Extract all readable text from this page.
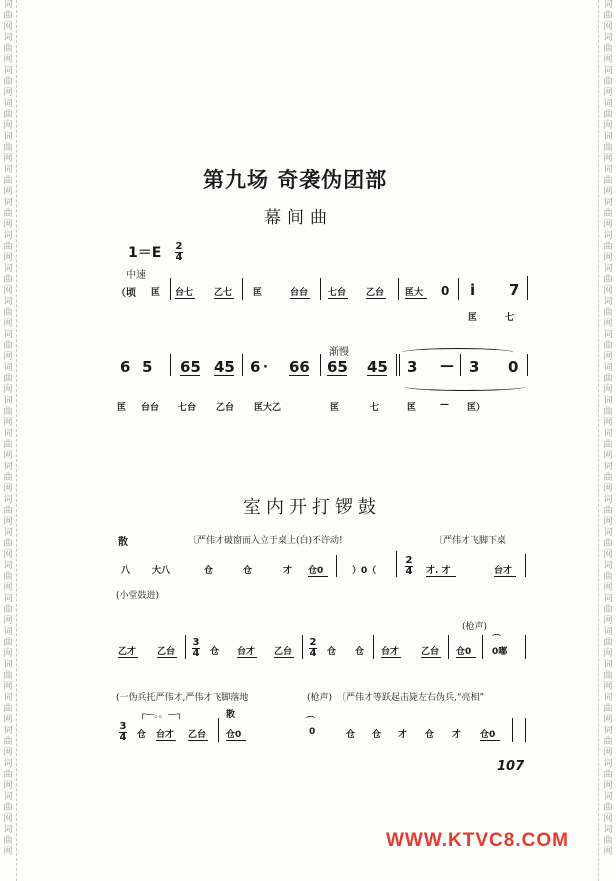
词曲网词曲网词曲网词曲网词曲网词曲网词曲网词曲网词曲网词曲网词曲网词曲网词曲网词曲网词曲网词曲网词曲网词曲网词曲网词曲网词曲网词曲网词曲网词曲网词曲网词曲网
词曲网词曲网词曲网词曲网词曲网词曲网词曲网词曲网词曲网词曲网词曲网词曲网词曲网词曲网词曲网词曲网词曲网词曲网词曲网词曲网词曲网词曲网词曲网词曲网词曲网词曲网
第九场 奇袭伪团部
幕间曲
1＝E 2
4
中速
（顷 匡 台七 乙七 匡	台台 七台 乙台 匡大 0 i 7
匡	七
渐慢
6 5 65 45 6 · 66 65 45 3 — 3 0
匡 台台 七台 乙台 匡大乙	匡	七	匡	— 匡）
室内开打锣鼓
散	〔严伟才破窗而入立于桌上(白)不许动!	〔严伟才飞脚下桌
八 大八	仓	仓	才 仓0	）0（
2
4 才. 才	台才
(小堂鼓进)
(枪声)
乙才 乙台
3
4 仓 台才 乙台
2
4 仓 仓 台才 乙台 仓0
⌒
0嘟
(一伪兵托严伟才,严伟才飞脚落地	(枪声) 〔严伟才等跃起击毙左右伪兵,“亮相”
┌—。。—┐	散
3
4 仓 台才 乙台 仓0
⌒
0	仓 仓 才 仓 才 仓0
107
WWW.KTVC8.COM
